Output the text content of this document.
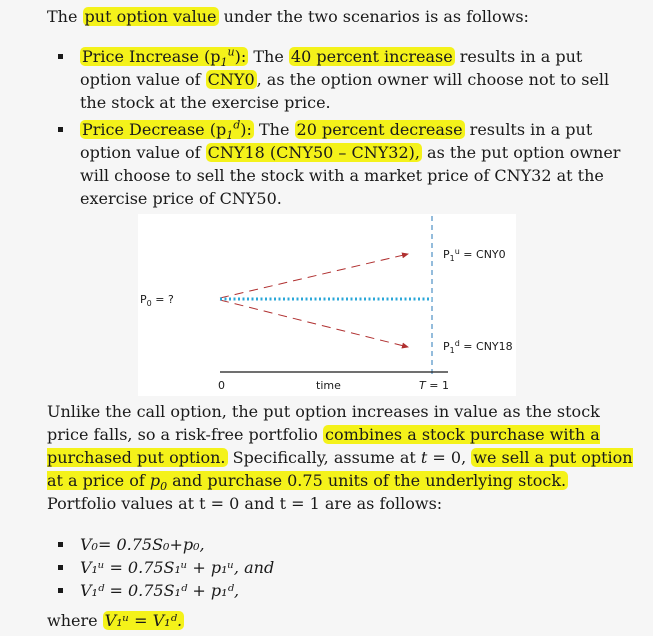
The put option value under the two scenarios is as follows:
Price Increase $(p_1^u)$: The 40 percent increase results in a put option value of CNY0 , as the option owner will choose not to sell the stock at the exercise price.
Price Decrease $(p_1^d)$: The 20 percent decrease results in a put option value of CNY18 (CNY50 – CNY32), as the put option owner will choose to sell the stock with a market price of CNY32 at the exercise price of CNY50.
$P_0$ = ?
$P_1^u = CNY0$
$P_1^d = CNY18$
0	time	T = 1
Unlike the call option, the put option increases in value as the stock price falls, so a risk-free portfolio combines a stock purchase with a purchased put option. Specifically, assume at t = 0, we sell a put option at a price of $p_0$ and purchase 0.75 units of the underlying stock. Portfolio values at t = 0 and t = 1 are as follows:
V₀= 0.75S₀+p₀,
V₁ᵘ = 0.75S₁ᵘ + p₁ᵘ, and
V₁ᵈ = 0.75S₁ᵈ + p₁ᵈ,
where V₁ᵘ = V₁ᵈ.
